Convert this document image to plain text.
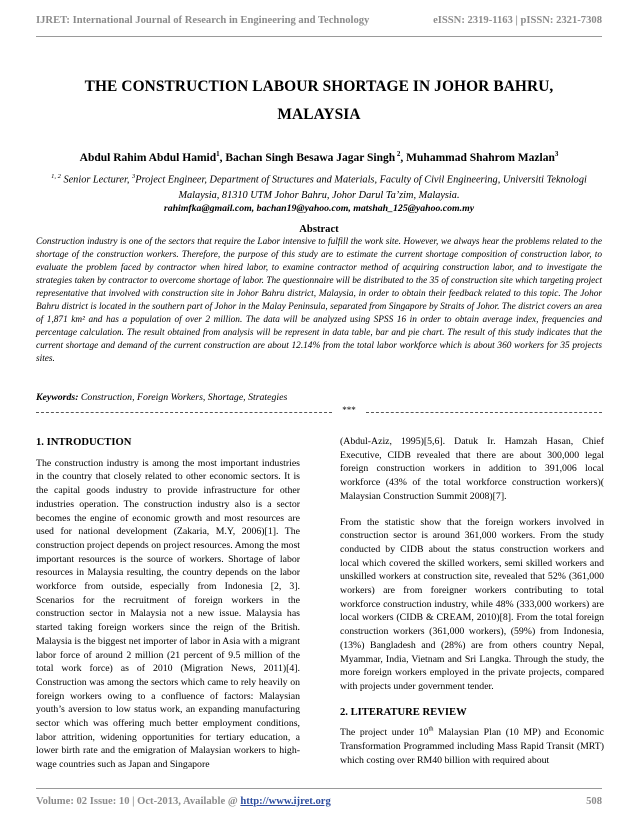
IJRET: International Journal of Research in Engineering and Technology	eISSN: 2319-1163 | pISSN: 2321-7308
THE CONSTRUCTION LABOUR SHORTAGE IN JOHOR BAHRU,
MALAYSIA
Abdul Rahim Abdul Hamid$^1$, Bachan Singh Besawa Jagar Singh $^2$, Muhammad Shahrom Mazlan$^3$
$^{1, 2}$ Senior Lecturer, $^3$Project Engineer, Department of Structures and Materials, Faculty of Civil Engineering, Universiti Teknologi Malaysia, 81310 UTM Johor Bahru, Johor Darul Ta’zim, Malaysia.
rahimfka@gmail.com, bachan19@yahoo.com, matshah_125@yahoo.com.my
Abstract
Construction industry is one of the sectors that require the Labor intensive to fulfill the work site. However, we always hear the problems related to the shortage of the construction workers. Therefore, the purpose of this study are to estimate the current shortage composition of construction labor, to evaluate the problem faced by contractor when hired labor, to examine contractor method of acquiring construction labor, and to investigate the strategies taken by contractor to overcome shortage of labor. The questionnaire will be distributed to the 35 of construction site which targeting project representative that involved with construction site in Johor Bahru district, Malaysia, in order to obtain their feedback related to this topic. The Johor Bahru district is located in the southern part of Johor in the Malay Peninsula, separated from Singapore by Straits of Johor. The district covers an area of 1,871 km² and has a population of over 2 million. The data will be analyzed using SPSS 16 in order to obtain average index, frequencies and percentage calculation. The result obtained from analysis will be represent in data table, bar and pie chart. The result of this study indicates that the current shortage and demand of the current construction are about 12.14% from the total labor workforce which is about 360 workers for 35 projects sites.
Keywords: Construction, Foreign Workers, Shortage, Strategies
***
1. INTRODUCTION

The construction industry is among the most important industries in the country that closely related to other economic sectors. It is the capital goods industry to provide infrastructure for other industries operation. The construction industry also is a sector becomes the engine of economic growth and most resources are used for national development (Zakaria, M.Y, 2006)[1]. The construction project depends on project resources. Among the most important resources is the source of workers. Shortage of labor resources in Malaysia resulting, the country depends on the labor workforce from outside, especially from Indonesia [2, 3]. Scenarios for the recruitment of foreign workers in the construction sector in Malaysia not a new issue. Malaysia has started taking foreign workers since the reign of the British. Malaysia is the biggest net importer of labor in Asia with a migrant labor force of around 2 million (21 percent of 9.5 million of the total work force) as of 2010 (Migration News, 2011)[4]. Construction was among the sectors which came to rely heavily on foreign workers owing to a confluence of factors: Malaysian youth’s aversion to low status work, an expanding manufacturing sector which was offering much better employment conditions, labor attrition, widening opportunities for tertiary education, a lower birth rate and the emigration of Malaysian workers to high-wage countries such as Japan and Singapore

(Abdul-Aziz, 1995)[5,6]. Datuk Ir. Hamzah Hasan, Chief Executive, CIDB revealed that there are about 300,000 legal foreign construction workers in addition to 391,006 local workforce (43% of the total workforce construction workers)( Malaysian Construction Summit 2008)[7].

From the statistic show that the foreign workers involved in construction sector is around 361,000 workers. From the study conducted by CIDB about the status construction workers and local which covered the skilled workers, semi skilled workers and unskilled workers at construction site, revealed that 52% (361,000 workers) are from foreigner workers contributing to total workforce construction industry, while 48% (333,000 workers) are local workers (CIDB & CREAM, 2010)[8]. From the total foreign construction workers (361,000 workers), (59%) from Indonesia, (13%) Bangladesh and (28%) are from others country Nepal, Myammar, India, Vietnam and Sri Langka. Through the study, the more foreign workers employed in the private projects, compared with projects under government tender.

2. LITERATURE REVIEW

The project under 10th Malaysian Plan (10 MP) and Economic Transformation Programmed including Mass Rapid Transit (MRT) which costing over RM40 billion with required about

Volume: 02 Issue: 10 | Oct-2013, Available @ http://www.ijret.org	508
